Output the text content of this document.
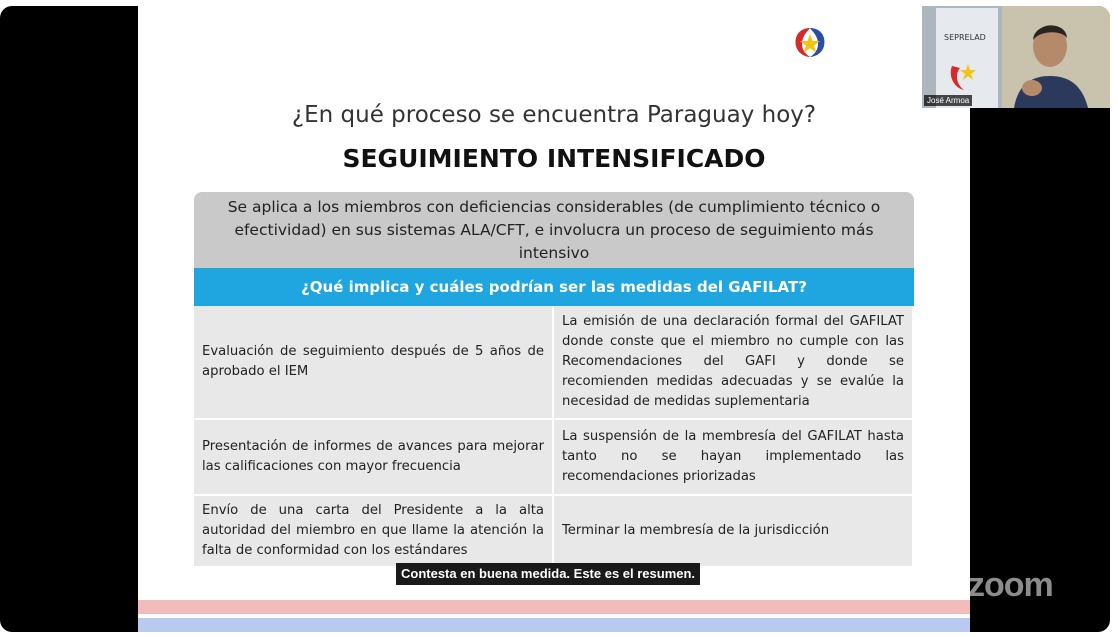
¿En qué proceso se encuentra Paraguay hoy?
SEGUIMIENTO INTENSIFICADO
Se aplica a los miembros con deficiencias considerables (de cumplimiento técnico o efectividad) en sus sistemas ALA/CFT, e involucra un proceso de seguimiento más intensivo
¿Qué implica y cuáles podrían ser las medidas del GAFILAT?
Evaluación de seguimiento después de 5 años de aprobado el IEM
La emisión de una declaración formal del GAFILAT donde conste que el miembro no cumple con las Recomendaciones del GAFI y donde se recomienden medidas adecuadas y se evalúe la necesidad de medidas suplementaria
Presentación de informes de avances para mejorar las calificaciones con mayor frecuencia
La suspensión de la membresía del GAFILAT hasta tanto no se hayan implementado las recomendaciones priorizadas
Envío de una carta del Presidente a la alta autoridad del miembro en que llame la atención la falta de conformidad con los estándares
Terminar la membresía de la jurisdicción
Contesta en buena medida. Este es el resumen.
SEPRELAD
José Armoa
zoom
